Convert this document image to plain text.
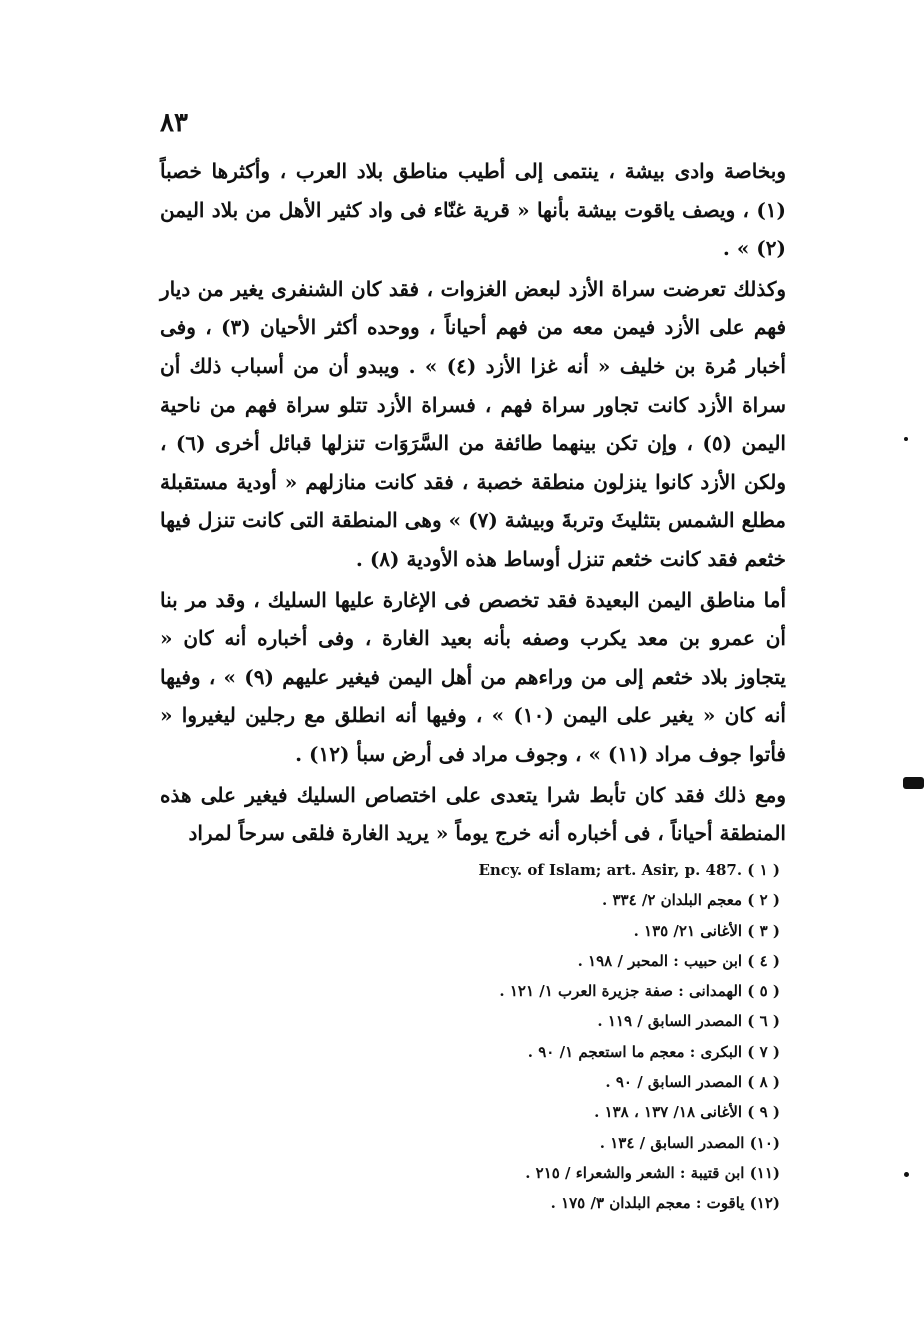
٨٣

وبخاصة وادى بيشة ، ينتمى إلى أطيب مناطق بلاد العرب ، وأكثرها خصباً (١) ، ويصف ياقوت بيشة بأنها « قرية غنّاء فى واد كثير الأهل من بلاد اليمن (٢) » .

وكذلك تعرضت سراة الأزد لبعض الغزوات ، فقد كان الشنفرى يغير من ديار فهم على الأزد فيمن معه من فهم أحياناً ، ووحده أكثر الأحيان (٣) ، وفى أخبار مُرة بن خليف « أنه غزا الأزد (٤) » . ويبدو أن من أسباب ذلك أن سراة الأزد كانت تجاور سراة فهم ، فسراة الأزد تتلو سراة فهم من ناحية اليمن (٥) ، وإن تكن بينهما طائفة من السَّرَوَات تنزلها قبائل أخرى (٦) ، ولكن الأزد كانوا ينزلون منطقة خصبة ، فقد كانت منازلهم « أودية مستقبلة مطلع الشمس بتثليثَ وتربةَ وبيشة (٧) » وهى المنطقة التى كانت تنزل فيها خثعم فقد كانت خثعم تنزل أوساط هذه الأودية (٨) .

أما مناطق اليمن البعيدة فقد تخصص فى الإغارة عليها السليك ، وقد مر بنا أن عمرو بن معد يكرب وصفه بأنه بعيد الغارة ، وفى أخباره أنه كان « يتجاوز بلاد خثعم إلى من وراءهم من أهل اليمن فيغير عليهم (٩) » ، وفيها أنه كان « يغير على اليمن (١٠) » ، وفيها أنه انطلق مع رجلين ليغيروا « فأتوا جوف مراد (١١) » ، وجوف مراد فى أرض سبأ (١٢) .

ومع ذلك فقد كان تأبط شرا يتعدى على اختصاص السليك فيغير على هذه المنطقة أحياناً ، فى أخباره أنه خرج يوماً « يريد الغارة فلقى سرحاً لمراد

Ency. of Islam; art. Asir, p. 487. ( ١ )
( ٢ ) معجم البلدان ٢/ ٣٣٤ .
( ٣ ) الأغانى ٢١/ ١٣٥ .
( ٤ ) ابن حبيب : المحبر / ١٩٨ .
( ٥ ) الهمدانى : صفة جزيرة العرب ١/ ١٢١ .
( ٦ ) المصدر السابق / ١١٩ .
( ٧ ) البكرى : معجم ما استعجم ١/ ٩٠ .
( ٨ ) المصدر السابق / ٩٠ .
( ٩ ) الأغانى ١٨/ ١٣٧ ، ١٣٨ .
(١٠) المصدر السابق / ١٣٤ .
(١١) ابن قتيبة : الشعر والشعراء / ٢١٥ .
(١٢) ياقوت : معجم البلدان ٣/ ١٧٥ .
